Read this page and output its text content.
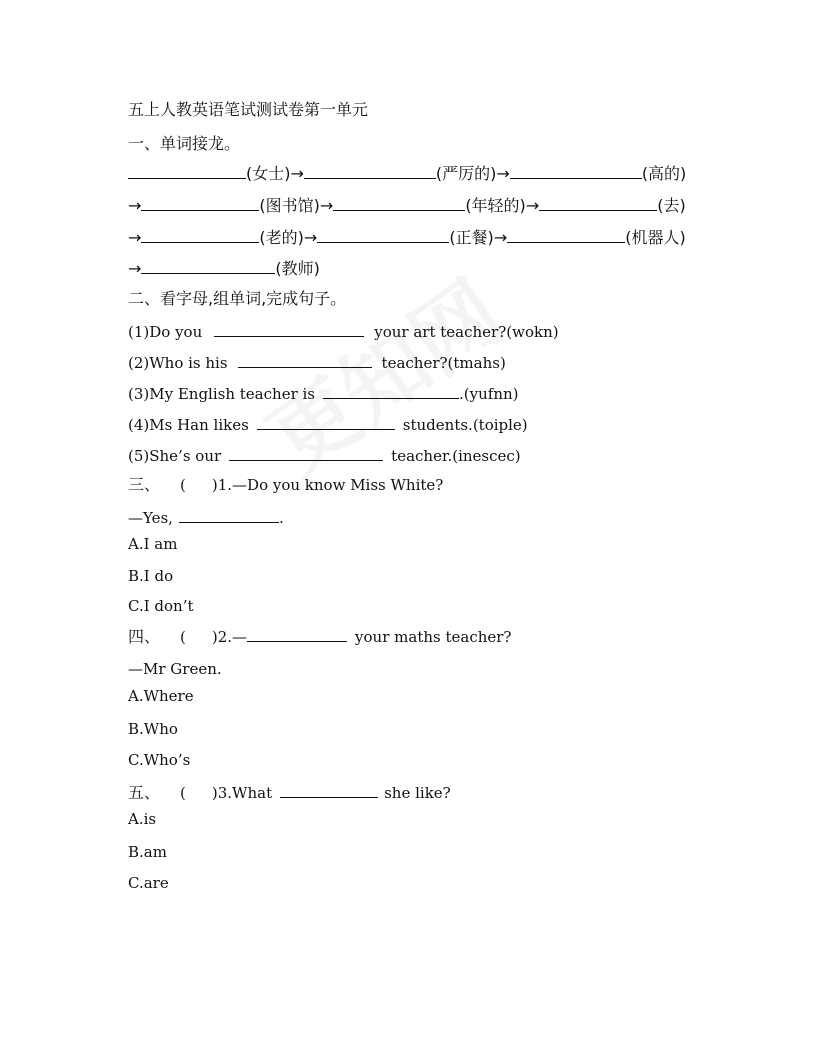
五上人教英语笔试测试卷第一单元
一、单词接龙。
(女士)→	(严厉的)→	(高的)
→	(图书馆)→	(年轻的)→	(去)
→	(老的)→	(正餐)→	(机器人)
→	(教师)
二、看字母,组单词,完成句子。
(1)Do you	your art teacher?(wokn)
(2)Who is his	teacher?(tmahs)
(3)My English teacher is	.(yufnn)
(4)Ms Han likes	students.(toiple)
(5)She’s our	teacher.(inescec)
三、 ( )1.—Do you know Miss White?
—Yes,	.
A.I am
B.I do
C.I don’t
四、 ( )2.—	your maths teacher?
—Mr Green.
A.Where
B.Who
C.Who’s
五、 ( )3.What	she like?
A.is
B.am
C.are
